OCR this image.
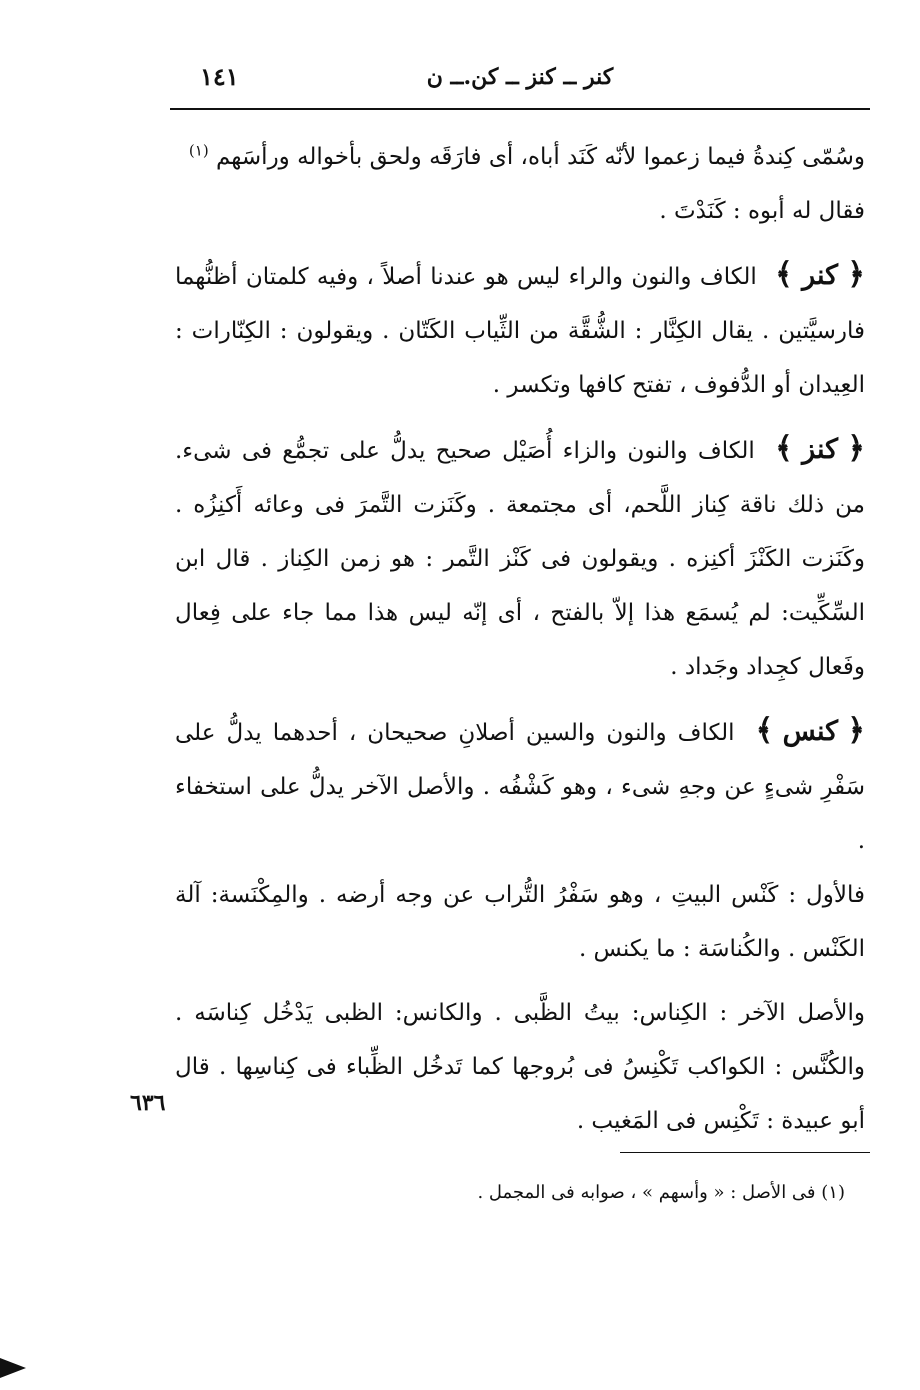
كنر ــ كنز ــ كن.ــ ن
١٤١

وسُمّى كِندةُ فيما زعموا لأنّه كَنَد أباه، أى فارَقَه ولحق بأخواله ورأسَهم $^{(١)}$
فقال له أبوه : كَنَدْتَ .

﴿ كنر ﴾ الكاف والنون والراء ليس هو عندنا أصلاً ، وفيه كلمتان أظنُّهما فارسيَّتين . يقال الكِنَّار : الشُّقَّة من الثِّياب الكَتّان . ويقولون : الكِنّارات : العِيدان أو الدُّفوف ، تفتح كافها وتكسر .

﴿ كنز ﴾ الكاف والنون والزاء أُصَيْل صحيح يدلُّ على تجمُّع فى شىء. من ذلك ناقة كِناز اللَّحم، أى مجتمعة . وكَنَزت التَّمرَ فى وعائه أَكنِزُه . وكَنَزت الكَنْزَ أكنِزه . ويقولون فى كَنْز التَّمر : هو زمن الكِناز . قال ابن السِّكِّيت: لم يُسمَع هذا إلاّ بالفتح ، أى إنّه ليس هذا مما جاء على فِعال وفَعال كجِداد وجَداد .

﴿ كنس ﴾ الكاف والنون والسين أصلانِ صحيحان ، أحدهما يدلُّ على سَفْرِ شىءٍ عن وجهِ شىء ، وهو كَشْفُه . والأصل الآخر يدلُّ على استخفاء .

فالأول : كَنْس البيتِ ، وهو سَفْرُ التُّراب عن وجه أرضه . والمِكْنَسة: آلة الكَنْس . والكُناسَة : ما يكنس .

والأصل الآخر : الكِناس: بيتُ الظَّبى . والكانس: الظبى يَدْخُل كِناسَه . والكُنَّس : الكواكب تَكْنِسُ فى بُروجها كما تَدخُل الظِّباء فى كِناسِها . قال أبو عبيدة : تَكْنِس فى المَغيب .

٦٣٦
(١) فى الأصل : « وأسهم » ، صوابه فى المجمل .
